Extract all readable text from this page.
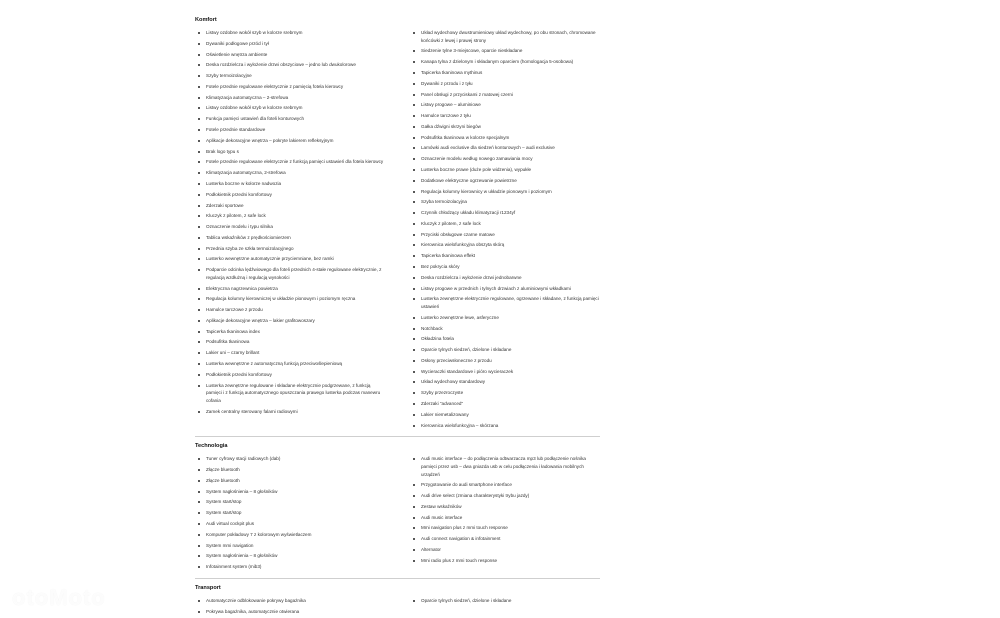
Komfort
Listwy ozdobne wokół szyb w kolorze srebrnym
Dywaniki podłogowe przód i tył
Oświetlenie wnętrza ambiente
Deska rozdzielcza i wyłożenie drzwi obszyciowe – jedno lub dwukolorowe
Szyby termoizolacyjne
Fotele przednie regulowane elektrycznie z pamięcią fotela kierowcy
Klimatyzacja automatyczna – 2-strefowa
Listwy ozdobne wokół szyb w kolorze srebrnym
Funkcja pamięci ustawień dla foteli konturowych
Fotele przednie standardowe
Aplikacje dekoracyjne wnętrza – pokryte lakierem refleksyjnym
Brak logo typu s
Fotele przednie regulowane elektrycznie z funkcją pamięci ustawień dla fotela kierowcy
Klimatyzacja automatyczna, 2-strefowa
Lusterka boczne w kolorze nadwozia
Podłokietnik przedni komfortowy
Zderzaki sportowe
Kluczyk z pilotem, z safe lock
Oznaczenie modelu i typu silnika
Tablica wskaźników z prędkościomierzem
Przednia szyba ze szkła termoizolacyjnego
Lusterko wewnętrzne automatycznie przyciemniane, bez ramki
Podparcie odcinka lędźwiowego dla foteli przednich 4-stałe regulowane elektrycznie, z regulacją wzdłużną i regulacją wysokości
Elektryczna nagrzewnica powietrza
Regulacja kolumny kierowniczej w układzie pionowym i poziomym ręczna
Hamulce tarczowe z przodu
Aplikacje dekoracyjne wnętrza – lakier grafitowoszary
Tapicerka tkaninowa index
Podsufitka tkaninowa
Lakier uni – czarny brillant
Lusterka wewnętrzne z automatyczną funkcją przeciwoślepieniową
Podłokietnik przedni komfortowy
Lusterka zewnętrzne regulowane i składane elektrycznie podgrzewane, z funkcją pamięci i z funkcją automatycznego opuszczania prawego lusterka podczas manewru cofania
Zamek centralny sterowany falami radiowymi
Układ wydechowy dwustrumieniowy układ wydechowy, po obu stronach, chromowane końcówki z lewej i prawej strony
Siedzenie tylne 3-miejscowe, oparcie nieskładane
Kanapa tylna z dzielonym i składanym oparciem (homologacja 5-osobowa)
Tapicerka tkaninowa mythinus
Dywaniki z przodu i z tyłu
Panel obsługi z przyciskami z matowej czerni
Listwy progowe – aluminiowe
Hamulce tarczowe z tyłu
Gałka dźwigni skrzyni biegów
Podsufitka tkaninowa w kolorze specjalnym
Lamówki audi exclusive dla siedzeń konturowych – audi exclusive
Oznaczenie modelu według nowego zamawiania mocy
Lusterka boczne prawe (duże pole widzenia), wypukłe
Dodatkowe elektryczne ogrzewanie powietrzne
Regulacja kolumny kierownicy w układzie pionowym i poziomym
Szyba termoizolacyjna
Czynnik chłodzący układu klimatyzacji r1234yf
Kluczyk z pilotem, z safe lock
Przyciski obsługowe czarne matowe
Kierownica wielofunkcyjna obszyta skórą
Tapicerka tkaninowa effekt
Bez pokrycia skóry
Deska rozdzielcza i wyłożenie drzwi jednobarwne
Listwy progowe w przednich i tylnych drzwiach z aluminiowymi wkładkami
Lusterka zewnętrzne elektrycznie regulowane, ogrzewane i składane, z funkcją pamięci ustawień
Lusterko zewnętrzne lewe, asferyczne
Notchback
Okładzina fotela
Oparcie tylnych siedzeń, dzielone i składane
Osłony przeciwsłoneczne z przodu
Wycieraczki standardowe i pióro wycieraczek
Układ wydechowy standardowy
Szyby przezroczyste
Zderzaki "advanced"
Lakier niemetalizowany
Kierownica wielofunkcyjna – skórzana
Technologia
Tuner cyfrowy stacji radiowych (dab)
Złącze bluetooth
Złącze bluetooth
System nagłośnienia – 8 głośników
System start/stop
System start/stop
Audi virtual cockpit plus
Komputer pokładowy 7 z kolorowym wyświetlaczem
System mmi navigation
System nagłośnienia – 8 głośników
Infotainment system (mib3)
Audi music interface – do podłączenia odtwarzacza mp3 lub podłączenie nośnika pamięci przez usb – dwa gniazda usb w celu podłączenia i ładowania mobilnych urządzeń
Przygotowanie do audi smartphone interface
Audi drive select (zmiana charakterystyki trybu jazdy)
Zestaw wskaźników
Audi music interface
Mmi navigation plus z mmi touch response
Audi connect navigation & infotainment
Alternator
Mmi radio plus z mmi touch response
Transport
Automatycznie odblokowanie pokrywy bagażnika
Pokrywa bagażnika, automatycznie otwierana
Oparcie tylnych siedzeń, dzielone i składane
otoMoto
